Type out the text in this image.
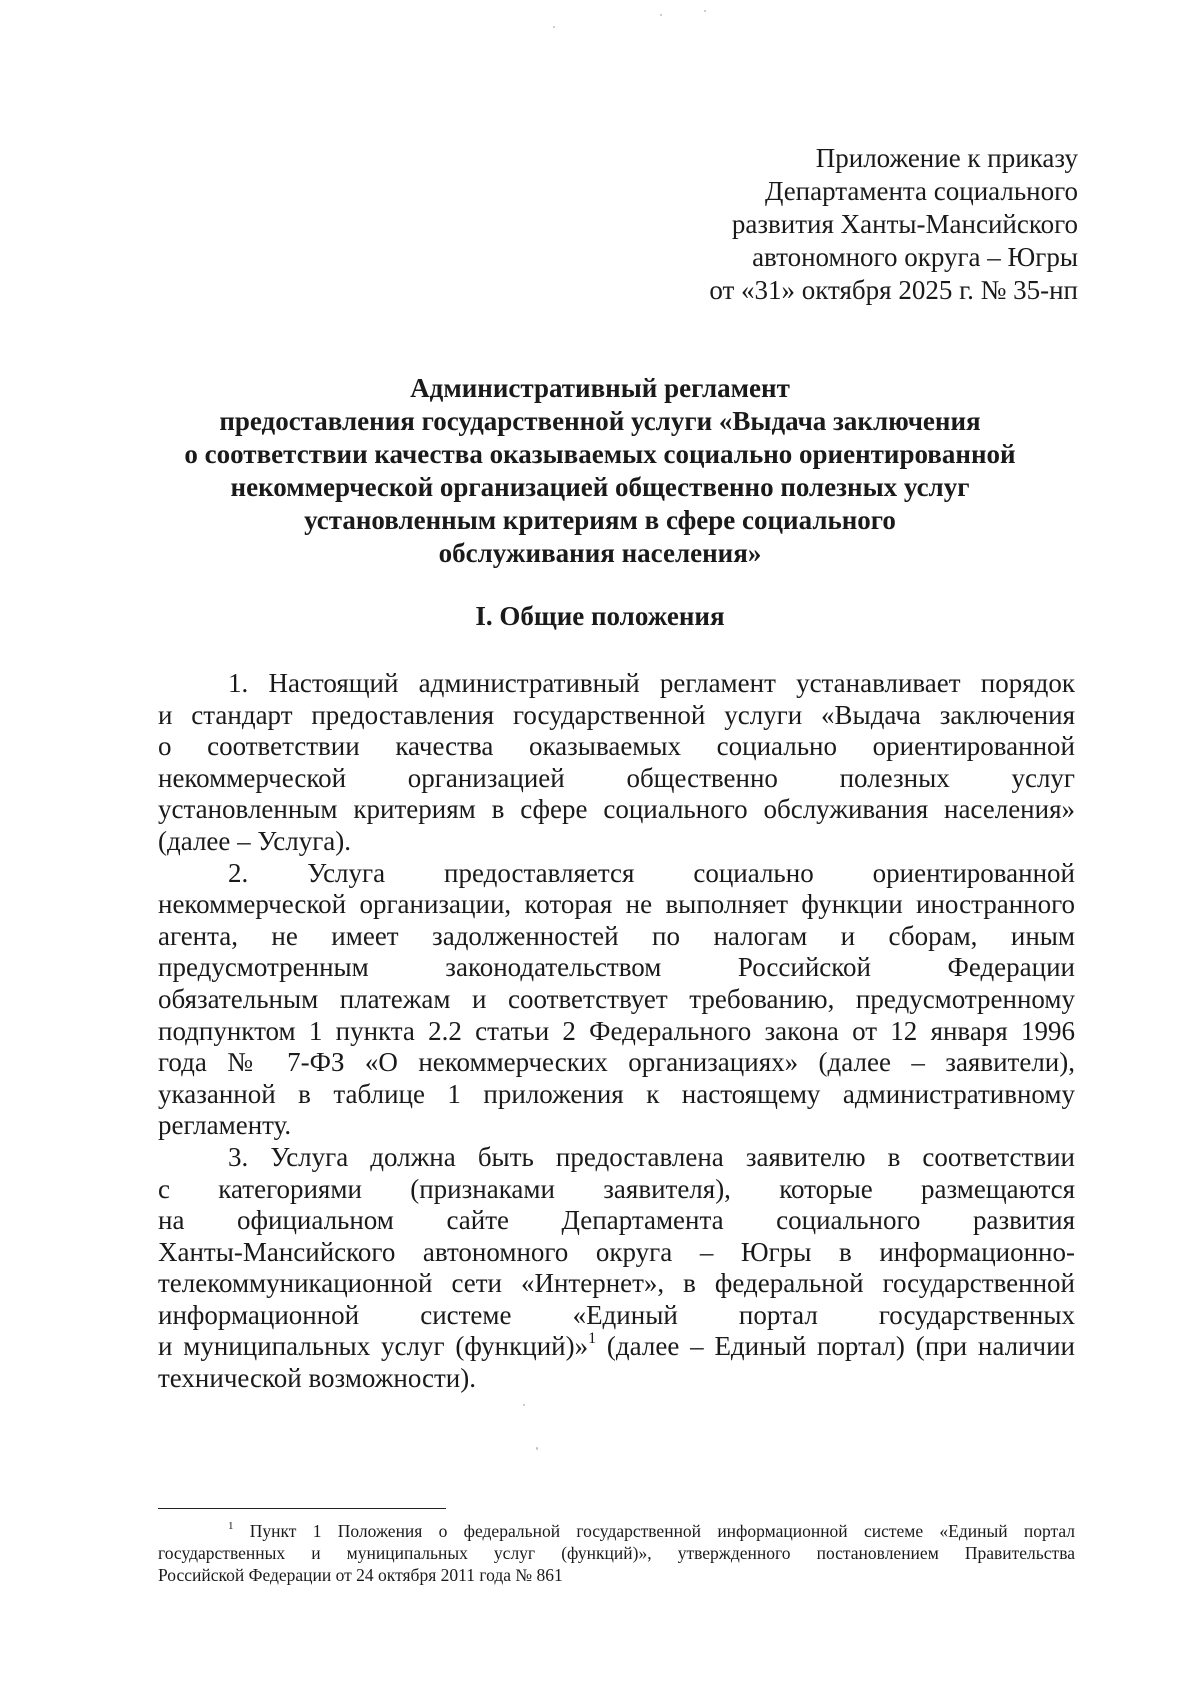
Приложение к приказу
Департамента социального
развития Ханты-Мансийского
автономного округа – Югры
от «31» октября 2025 г. № 35-нп
Административный регламент
предоставления государственной услуги «Выдача заключения
о соответствии качества оказываемых социально ориентированной
некоммерческой организацией общественно полезных услуг
установленным критериям в сфере социального
обслуживания населения»
I. Общие положения
1. Настоящий административный регламент устанавливает порядок
и стандарт предоставления государственной услуги «Выдача заключения
о соответствии качества оказываемых социально ориентированной
некоммерческой организацией общественно полезных услуг
установленным критериям в сфере социального обслуживания населения»
(далее – Услуга).
2. Услуга предоставляется социально ориентированной
некоммерческой организации, которая не выполняет функции иностранного
агента, не имеет задолженностей по налогам и сборам, иным
предусмотренным законодательством Российской Федерации
обязательным платежам и соответствует требованию, предусмотренному
подпунктом 1 пункта 2.2 статьи 2 Федерального закона от 12 января 1996
года № 7-ФЗ «О некоммерческих организациях» (далее – заявители),
указанной в таблице 1 приложения к настоящему административному
регламенту.
3. Услуга должна быть предоставлена заявителю в соответствии
с категориями (признаками заявителя), которые размещаются
на официальном сайте Департамента социального развития
Ханты-Мансийского автономного округа – Югры в информационно-
телекоммуникационной сети «Интернет», в федеральной государственной
информационной системе «Единый портал государственных
и муниципальных услуг (функций)»$^1$ (далее – Единый портал) (при наличии
технической возможности).
$^1$ Пункт 1 Положения о федеральной государственной информационной системе «Единый портал
государственных и муниципальных услуг (функций)», утвержденного постановлением Правительства
Российской Федерации от 24 октября 2011 года № 861
